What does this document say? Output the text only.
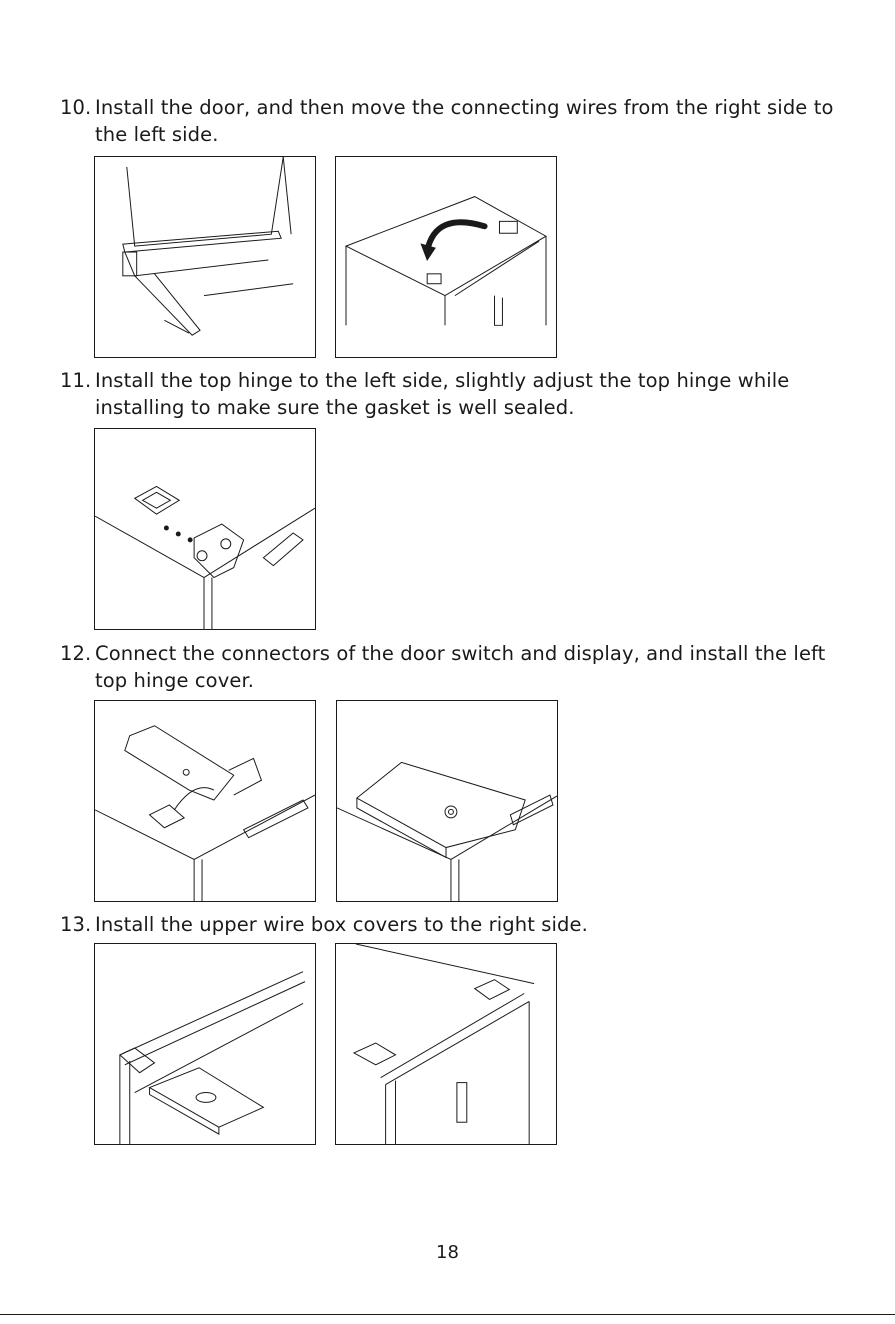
10. Install the door, and then move the connecting wires from the right side to the left side.
11. Install the top hinge to the left side, slightly adjust the top hinge while installing to make sure the gasket is well sealed.
12. Connect the connectors of the door switch and display, and install the left top hinge cover.
13. Install the upper wire box covers to the right side.
18
